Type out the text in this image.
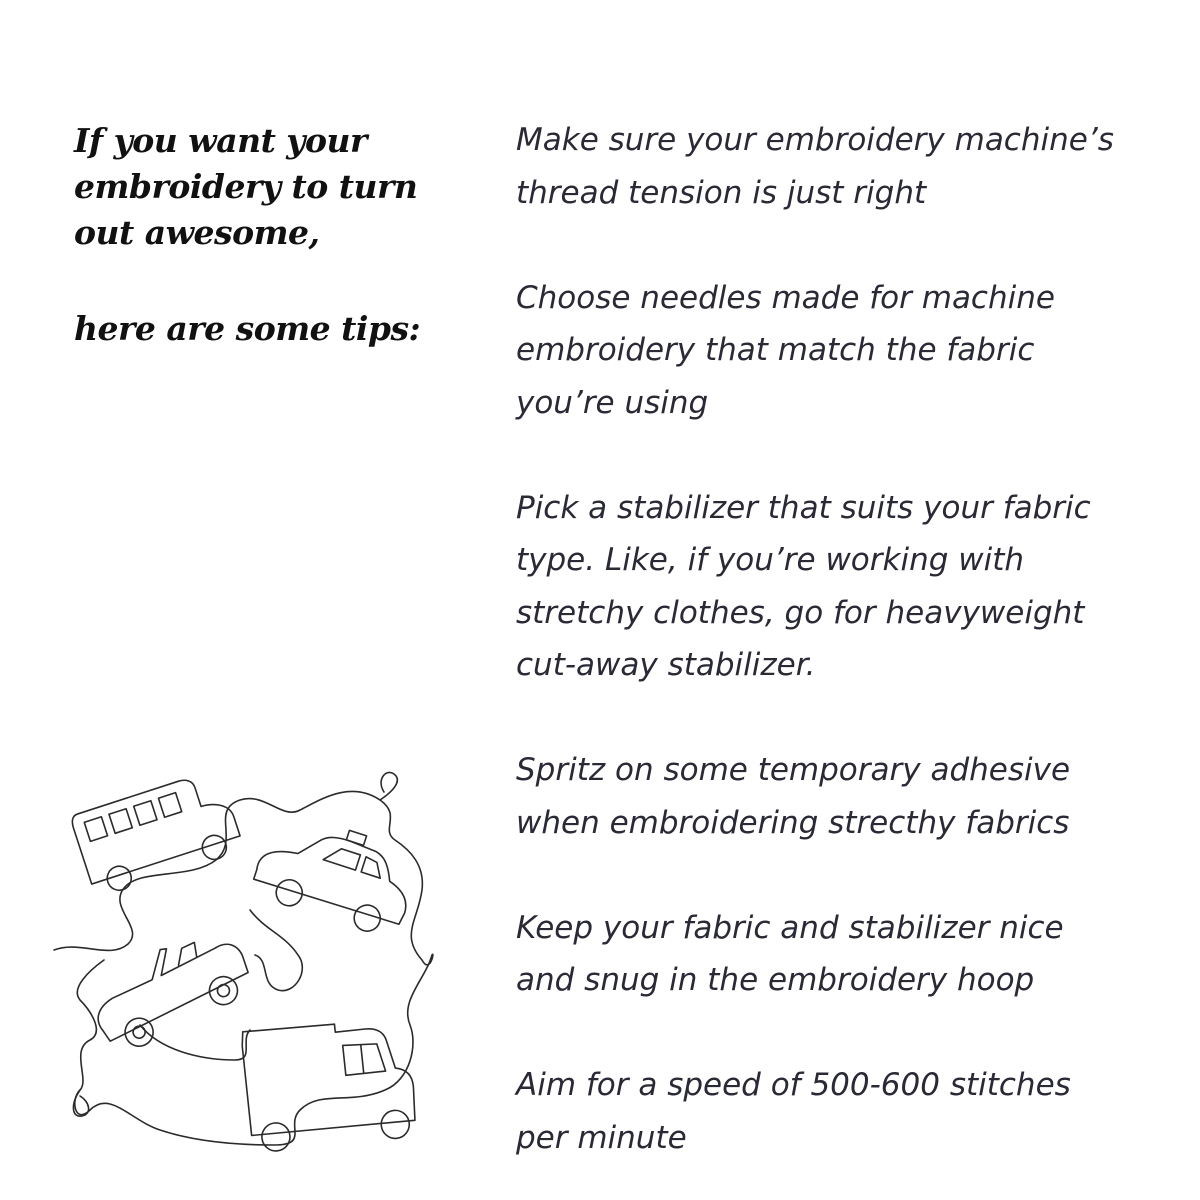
If you want your
embroidery to turn
out awesome,
here are some tips:
Make sure your embroidery machine’s
thread tension is just right
Choose needles made for machine
embroidery that match the fabric
you’re using
Pick a stabilizer that suits your fabric
type. Like, if you’re working with
stretchy clothes, go for heavyweight
cut-away stabilizer.
Spritz on some temporary adhesive
when embroidering strecthy fabrics
Keep your fabric and stabilizer nice
and snug in the embroidery hoop
Aim for a speed of 500-600 stitches
per minute
